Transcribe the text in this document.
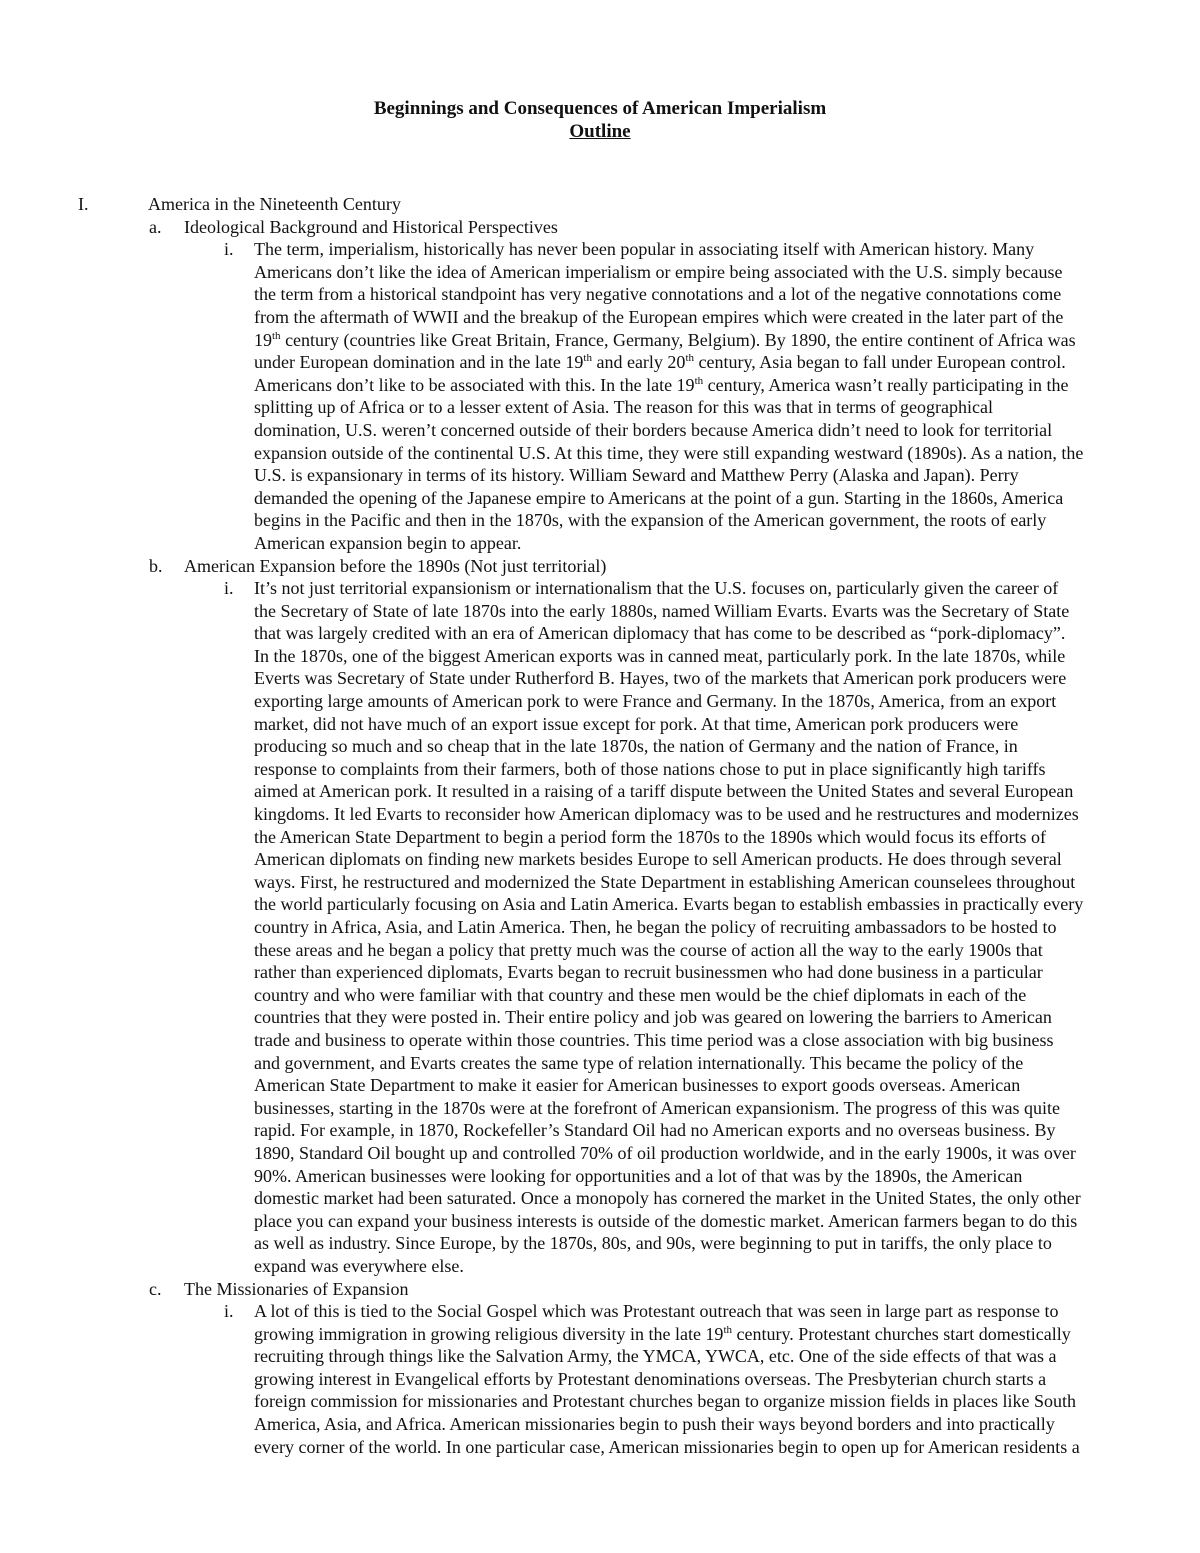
Beginnings and Consequences of American Imperialism
Outline
I.	America in the Nineteenth Century
a. Ideological Background and Historical Perspectives
i. The term, imperialism, historically has never been popular in associating itself with American history. Many
Americans don’t like the idea of American imperialism or empire being associated with the U.S. simply because
the term from a historical standpoint has very negative connotations and a lot of the negative connotations come
from the aftermath of WWII and the breakup of the European empires which were created in the later part of the
19th century (countries like Great Britain, France, Germany, Belgium). By 1890, the entire continent of Africa was
under European domination and in the late 19th and early 20th century, Asia began to fall under European control.
Americans don’t like to be associated with this. In the late 19th century, America wasn’t really participating in the
splitting up of Africa or to a lesser extent of Asia. The reason for this was that in terms of geographical
domination, U.S. weren’t concerned outside of their borders because America didn’t need to look for territorial
expansion outside of the continental U.S. At this time, they were still expanding westward (1890s). As a nation, the
U.S. is expansionary in terms of its history. William Seward and Matthew Perry (Alaska and Japan). Perry
demanded the opening of the Japanese empire to Americans at the point of a gun. Starting in the 1860s, America
begins in the Pacific and then in the 1870s, with the expansion of the American government, the roots of early
American expansion begin to appear.
b. American Expansion before the 1890s (Not just territorial)
i. It’s not just territorial expansionism or internationalism that the U.S. focuses on, particularly given the career of
the Secretary of State of late 1870s into the early 1880s, named William Evarts. Evarts was the Secretary of State
that was largely credited with an era of American diplomacy that has come to be described as “pork-diplomacy”.
In the 1870s, one of the biggest American exports was in canned meat, particularly pork. In the late 1870s, while
Everts was Secretary of State under Rutherford B. Hayes, two of the markets that American pork producers were
exporting large amounts of American pork to were France and Germany. In the 1870s, America, from an export
market, did not have much of an export issue except for pork. At that time, American pork producers were
producing so much and so cheap that in the late 1870s, the nation of Germany and the nation of France, in
response to complaints from their farmers, both of those nations chose to put in place significantly high tariffs
aimed at American pork. It resulted in a raising of a tariff dispute between the United States and several European
kingdoms. It led Evarts to reconsider how American diplomacy was to be used and he restructures and modernizes
the American State Department to begin a period form the 1870s to the 1890s which would focus its efforts of
American diplomats on finding new markets besides Europe to sell American products. He does through several
ways. First, he restructured and modernized the State Department in establishing American counselees throughout
the world particularly focusing on Asia and Latin America. Evarts began to establish embassies in practically every
country in Africa, Asia, and Latin America. Then, he began the policy of recruiting ambassadors to be hosted to
these areas and he began a policy that pretty much was the course of action all the way to the early 1900s that
rather than experienced diplomats, Evarts began to recruit businessmen who had done business in a particular
country and who were familiar with that country and these men would be the chief diplomats in each of the
countries that they were posted in. Their entire policy and job was geared on lowering the barriers to American
trade and business to operate within those countries. This time period was a close association with big business
and government, and Evarts creates the same type of relation internationally. This became the policy of the
American State Department to make it easier for American businesses to export goods overseas. American
businesses, starting in the 1870s were at the forefront of American expansionism. The progress of this was quite
rapid. For example, in 1870, Rockefeller’s Standard Oil had no American exports and no overseas business. By
1890, Standard Oil bought up and controlled 70% of oil production worldwide, and in the early 1900s, it was over
90%. American businesses were looking for opportunities and a lot of that was by the 1890s, the American
domestic market had been saturated. Once a monopoly has cornered the market in the United States, the only other
place you can expand your business interests is outside of the domestic market. American farmers began to do this
as well as industry. Since Europe, by the 1870s, 80s, and 90s, were beginning to put in tariffs, the only place to
expand was everywhere else.
c. The Missionaries of Expansion
i. A lot of this is tied to the Social Gospel which was Protestant outreach that was seen in large part as response to
growing immigration in growing religious diversity in the late 19th century. Protestant churches start domestically
recruiting through things like the Salvation Army, the YMCA, YWCA, etc. One of the side effects of that was a
growing interest in Evangelical efforts by Protestant denominations overseas. The Presbyterian church starts a
foreign commission for missionaries and Protestant churches began to organize mission fields in places like South
America, Asia, and Africa. American missionaries begin to push their ways beyond borders and into practically
every corner of the world. In one particular case, American missionaries begin to open up for American residents a
